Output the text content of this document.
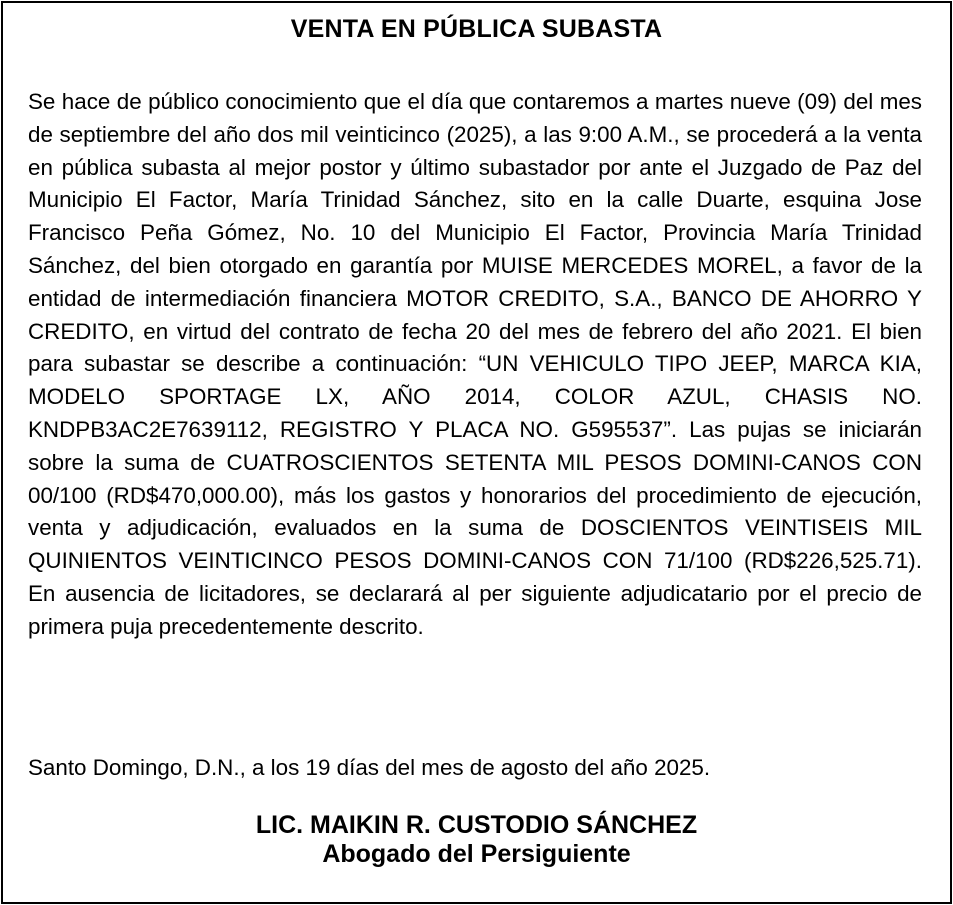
VENTA EN PÚBLICA SUBASTA

Se hace de público conocimiento que el día que contaremos a martes nueve (09) del mes de septiembre del año dos mil veinticinco (2025), a las 9:00 A.M., se procederá a la venta en pública subasta al mejor postor y último subastador por ante el Juzgado de Paz del Municipio El Factor, María Trinidad Sánchez, sito en la calle Duarte, esquina Jose Francisco Peña Gómez, No. 10 del Municipio El Factor, Provincia María Trinidad Sánchez, del bien otorgado en garantía por MUISE MERCEDES MOREL, a favor de la entidad de intermediación financiera MOTOR CREDITO, S.A., BANCO DE AHORRO Y CREDITO, en virtud del contrato de fecha 20 del mes de febrero del año 2021. El bien para subastar se describe a continuación: “UN VEHICULO TIPO JEEP, MARCA KIA, MODELO SPORTAGE LX, AÑO 2014, COLOR AZUL, CHASIS NO. KNDPB3AC2E7639112, REGISTRO Y PLACA NO. G595537”. Las pujas se iniciarán sobre la suma de CUATROSCIENTOS SETENTA MIL PESOS DOMINI-CANOS CON 00/100 (RD$470,000.00), más los gastos y honorarios del procedimiento de ejecución, venta y adjudicación, evaluados en la suma de DOSCIENTOS VEINTISEIS MIL QUINIENTOS VEINTICINCO PESOS DOMINI-CANOS CON 71/100 (RD$226,525.71). En ausencia de licitadores, se declarará al per siguiente adjudicatario por el precio de primera puja precedentemente descrito.

Santo Domingo, D.N., a los 19 días del mes de agosto del año 2025.

LIC. MAIKIN R. CUSTODIO SÁNCHEZ
Abogado del Persiguiente
